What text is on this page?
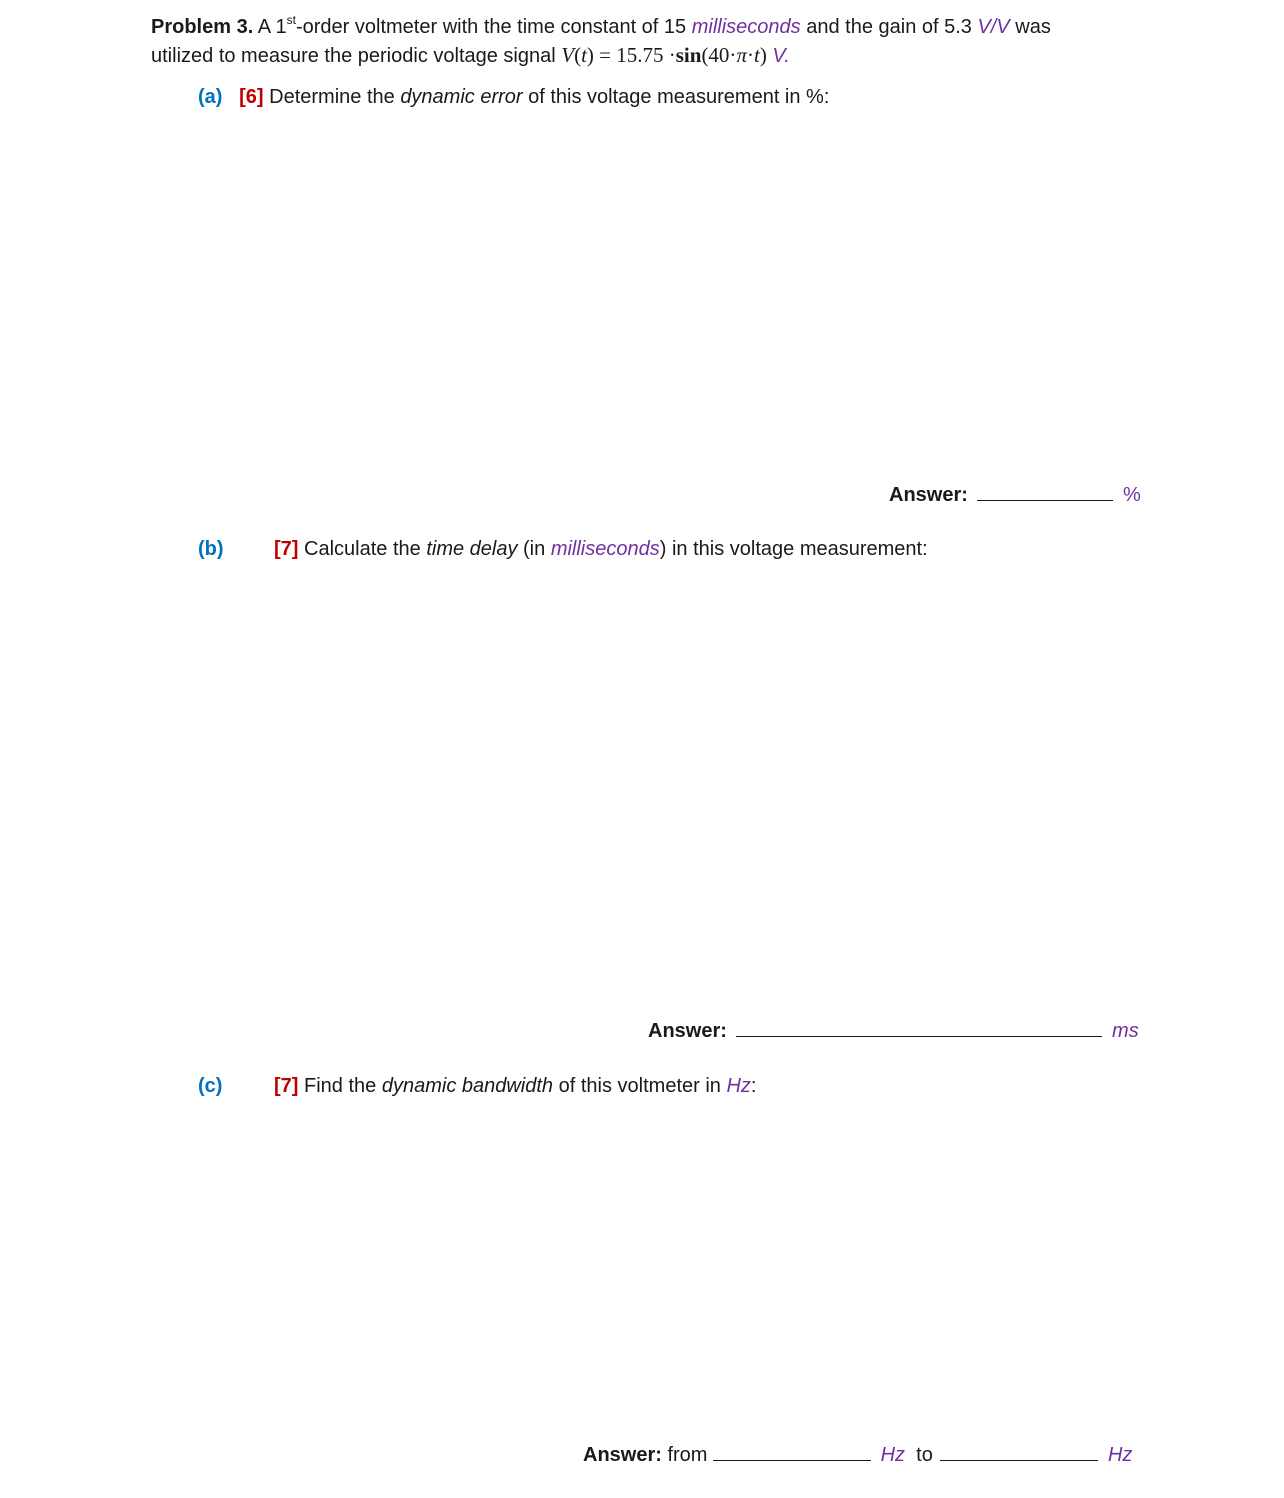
Problem 3. A 1st-order voltmeter with the time constant of 15 milliseconds and the gain of 5.3 V/V was
utilized to measure the periodic voltage signal V(t) = 15.75 ·sin(40·π·t) V.
(a) [6] Determine the dynamic error of this voltage measurement in %:
Answer:	%
(b)	[7] Calculate the time delay (in milliseconds) in this voltage measurement:
Answer:	ms
(c)	[7] Find the dynamic bandwidth of this voltmeter in Hz:
Answer: from	Hz to	Hz
